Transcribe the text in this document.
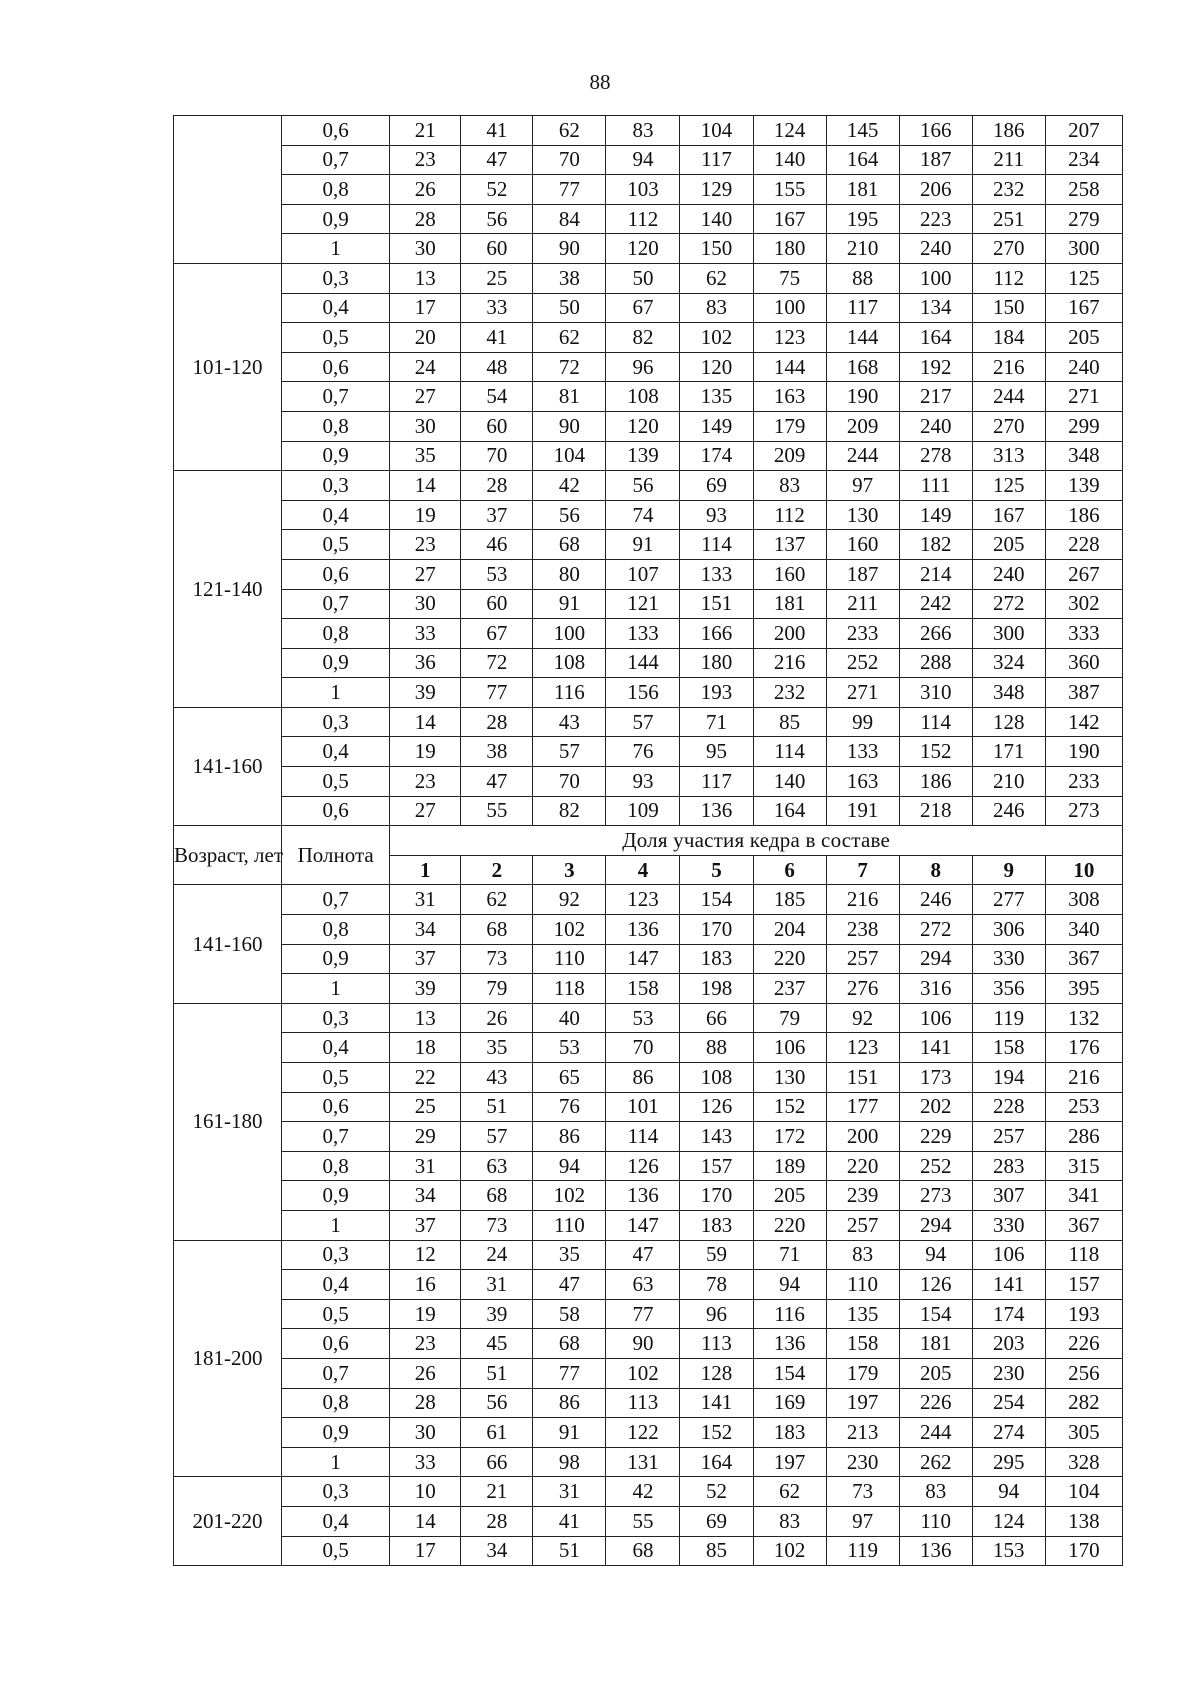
88
	0,6	21	41	62	83	104	124	145	166	186	207
	0,7	23	47	70	94	117	140	164	187	211	234
	0,8	26	52	77	103	129	155	181	206	232	258
	0,9	28	56	84	112	140	167	195	223	251	279
	1	30	60	90	120	150	180	210	240	270	300
101-120	0,3	13	25	38	50	62	75	88	100	112	125
	0,4	17	33	50	67	83	100	117	134	150	167
	0,5	20	41	62	82	102	123	144	164	184	205
	0,6	24	48	72	96	120	144	168	192	216	240
	0,7	27	54	81	108	135	163	190	217	244	271
	0,8	30	60	90	120	149	179	209	240	270	299
	0,9	35	70	104	139	174	209	244	278	313	348
121-140	0,3	14	28	42	56	69	83	97	111	125	139
	0,4	19	37	56	74	93	112	130	149	167	186
	0,5	23	46	68	91	114	137	160	182	205	228
	0,6	27	53	80	107	133	160	187	214	240	267
	0,7	30	60	91	121	151	181	211	242	272	302
	0,8	33	67	100	133	166	200	233	266	300	333
	0,9	36	72	108	144	180	216	252	288	324	360
	1	39	77	116	156	193	232	271	310	348	387
141-160	0,3	14	28	43	57	71	85	99	114	128	142
	0,4	19	38	57	76	95	114	133	152	171	190
	0,5	23	47	70	93	117	140	163	186	210	233
	0,6	27	55	82	109	136	164	191	218	246	273
Возраст, лет	Полнота	Доля участия кедра в составе									
		1	2	3	4	5	6	7	8	9	10
141-160	0,7	31	62	92	123	154	185	216	246	277	308
	0,8	34	68	102	136	170	204	238	272	306	340
	0,9	37	73	110	147	183	220	257	294	330	367
	1	39	79	118	158	198	237	276	316	356	395
161-180	0,3	13	26	40	53	66	79	92	106	119	132
	0,4	18	35	53	70	88	106	123	141	158	176
	0,5	22	43	65	86	108	130	151	173	194	216
	0,6	25	51	76	101	126	152	177	202	228	253
	0,7	29	57	86	114	143	172	200	229	257	286
	0,8	31	63	94	126	157	189	220	252	283	315
	0,9	34	68	102	136	170	205	239	273	307	341
	1	37	73	110	147	183	220	257	294	330	367
181-200	0,3	12	24	35	47	59	71	83	94	106	118
	0,4	16	31	47	63	78	94	110	126	141	157
	0,5	19	39	58	77	96	116	135	154	174	193
	0,6	23	45	68	90	113	136	158	181	203	226
	0,7	26	51	77	102	128	154	179	205	230	256
	0,8	28	56	86	113	141	169	197	226	254	282
	0,9	30	61	91	122	152	183	213	244	274	305
	1	33	66	98	131	164	197	230	262	295	328
201-220	0,3	10	21	31	42	52	62	73	83	94	104
	0,4	14	28	41	55	69	83	97	110	124	138
	0,5	17	34	51	68	85	102	119	136	153	170
